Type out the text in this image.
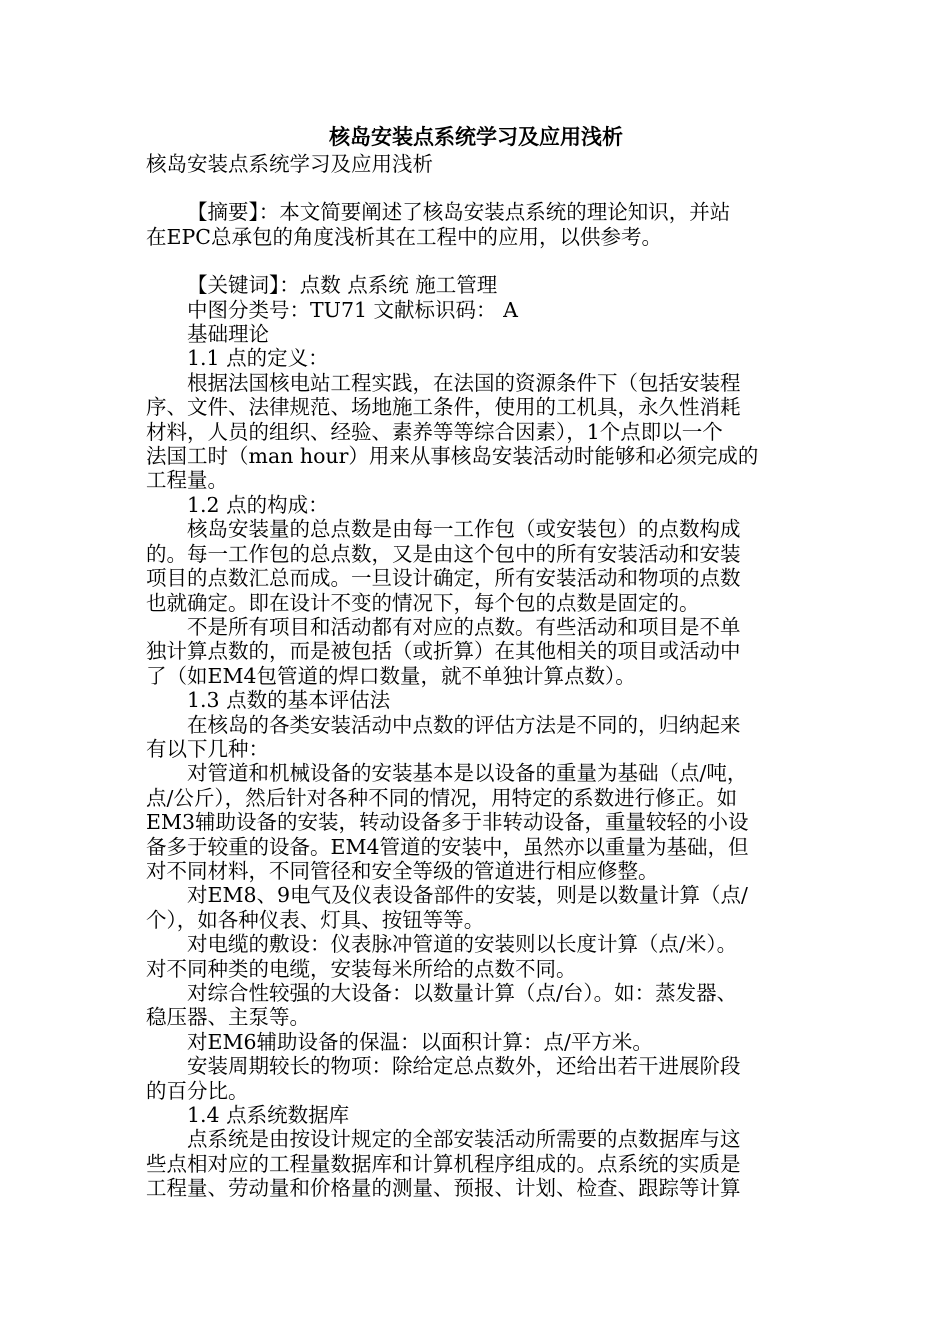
核岛安装点系统学习及应用浅析

核岛安装点系统学习及应用浅析

【摘要】：本文简要阐述了核岛安装点系统的理论知识，并站
在EPC总承包的角度浅析其在工程中的应用，以供参考。

【关键词】：点数 点系统 施工管理

中图分类号：TU71 文献标识码： A

基础理论

1.1 点的定义：

根据法国核电站工程实践，在法国的资源条件下（包括安装程
序、文件、法律规范、场地施工条件，使用的工机具，永久性消耗
材料，人员的组织、经验、素养等等综合因素），1个点即以一个
法国工时（man hour）用来从事核岛安装活动时能够和必须完成的
工程量。

1.2 点的构成：

核岛安装量的总点数是由每一工作包（或安装包）的点数构成
的。每一工作包的总点数，又是由这个包中的所有安装活动和安装
项目的点数汇总而成。一旦设计确定，所有安装活动和物项的点数
也就确定。即在设计不变的情况下，每个包的点数是固定的。
不是所有项目和活动都有对应的点数。有些活动和项目是不单
独计算点数的，而是被包括（或折算）在其他相关的项目或活动中
了（如EM4包管道的焊口数量，就不单独计算点数）。

1.3 点数的基本评估法

在核岛的各类安装活动中点数的评估方法是不同的，归纳起来
有以下几种：
对管道和机械设备的安装基本是以设备的重量为基础（点/吨，
点/公斤），然后针对各种不同的情况，用特定的系数进行修正。如
EM3辅助设备的安装，转动设备多于非转动设备，重量较轻的小设
备多于较重的设备。EM4管道的安装中，虽然亦以重量为基础，但
对不同材料，不同管径和安全等级的管道进行相应修整。
对EM8、9电气及仪表设备部件的安装，则是以数量计算（点/
个），如各种仪表、灯具、按钮等等。
对电缆的敷设：仪表脉冲管道的安装则以长度计算（点/米）。
对不同种类的电缆，安装每米所给的点数不同。
对综合性较强的大设备：以数量计算（点/台）。如：蒸发器、
稳压器、主泵等。
对EM6辅助设备的保温：以面积计算：点/平方米。
安装周期较长的物项：除给定总点数外，还给出若干进展阶段
的百分比。

1.4 点系统数据库

点系统是由按设计规定的全部安装活动所需要的点数据库与这
些点相对应的工程量数据库和计算机程序组成的。点系统的实质是
工程量、劳动量和价格量的测量、预报、计划、检查、跟踪等计算
